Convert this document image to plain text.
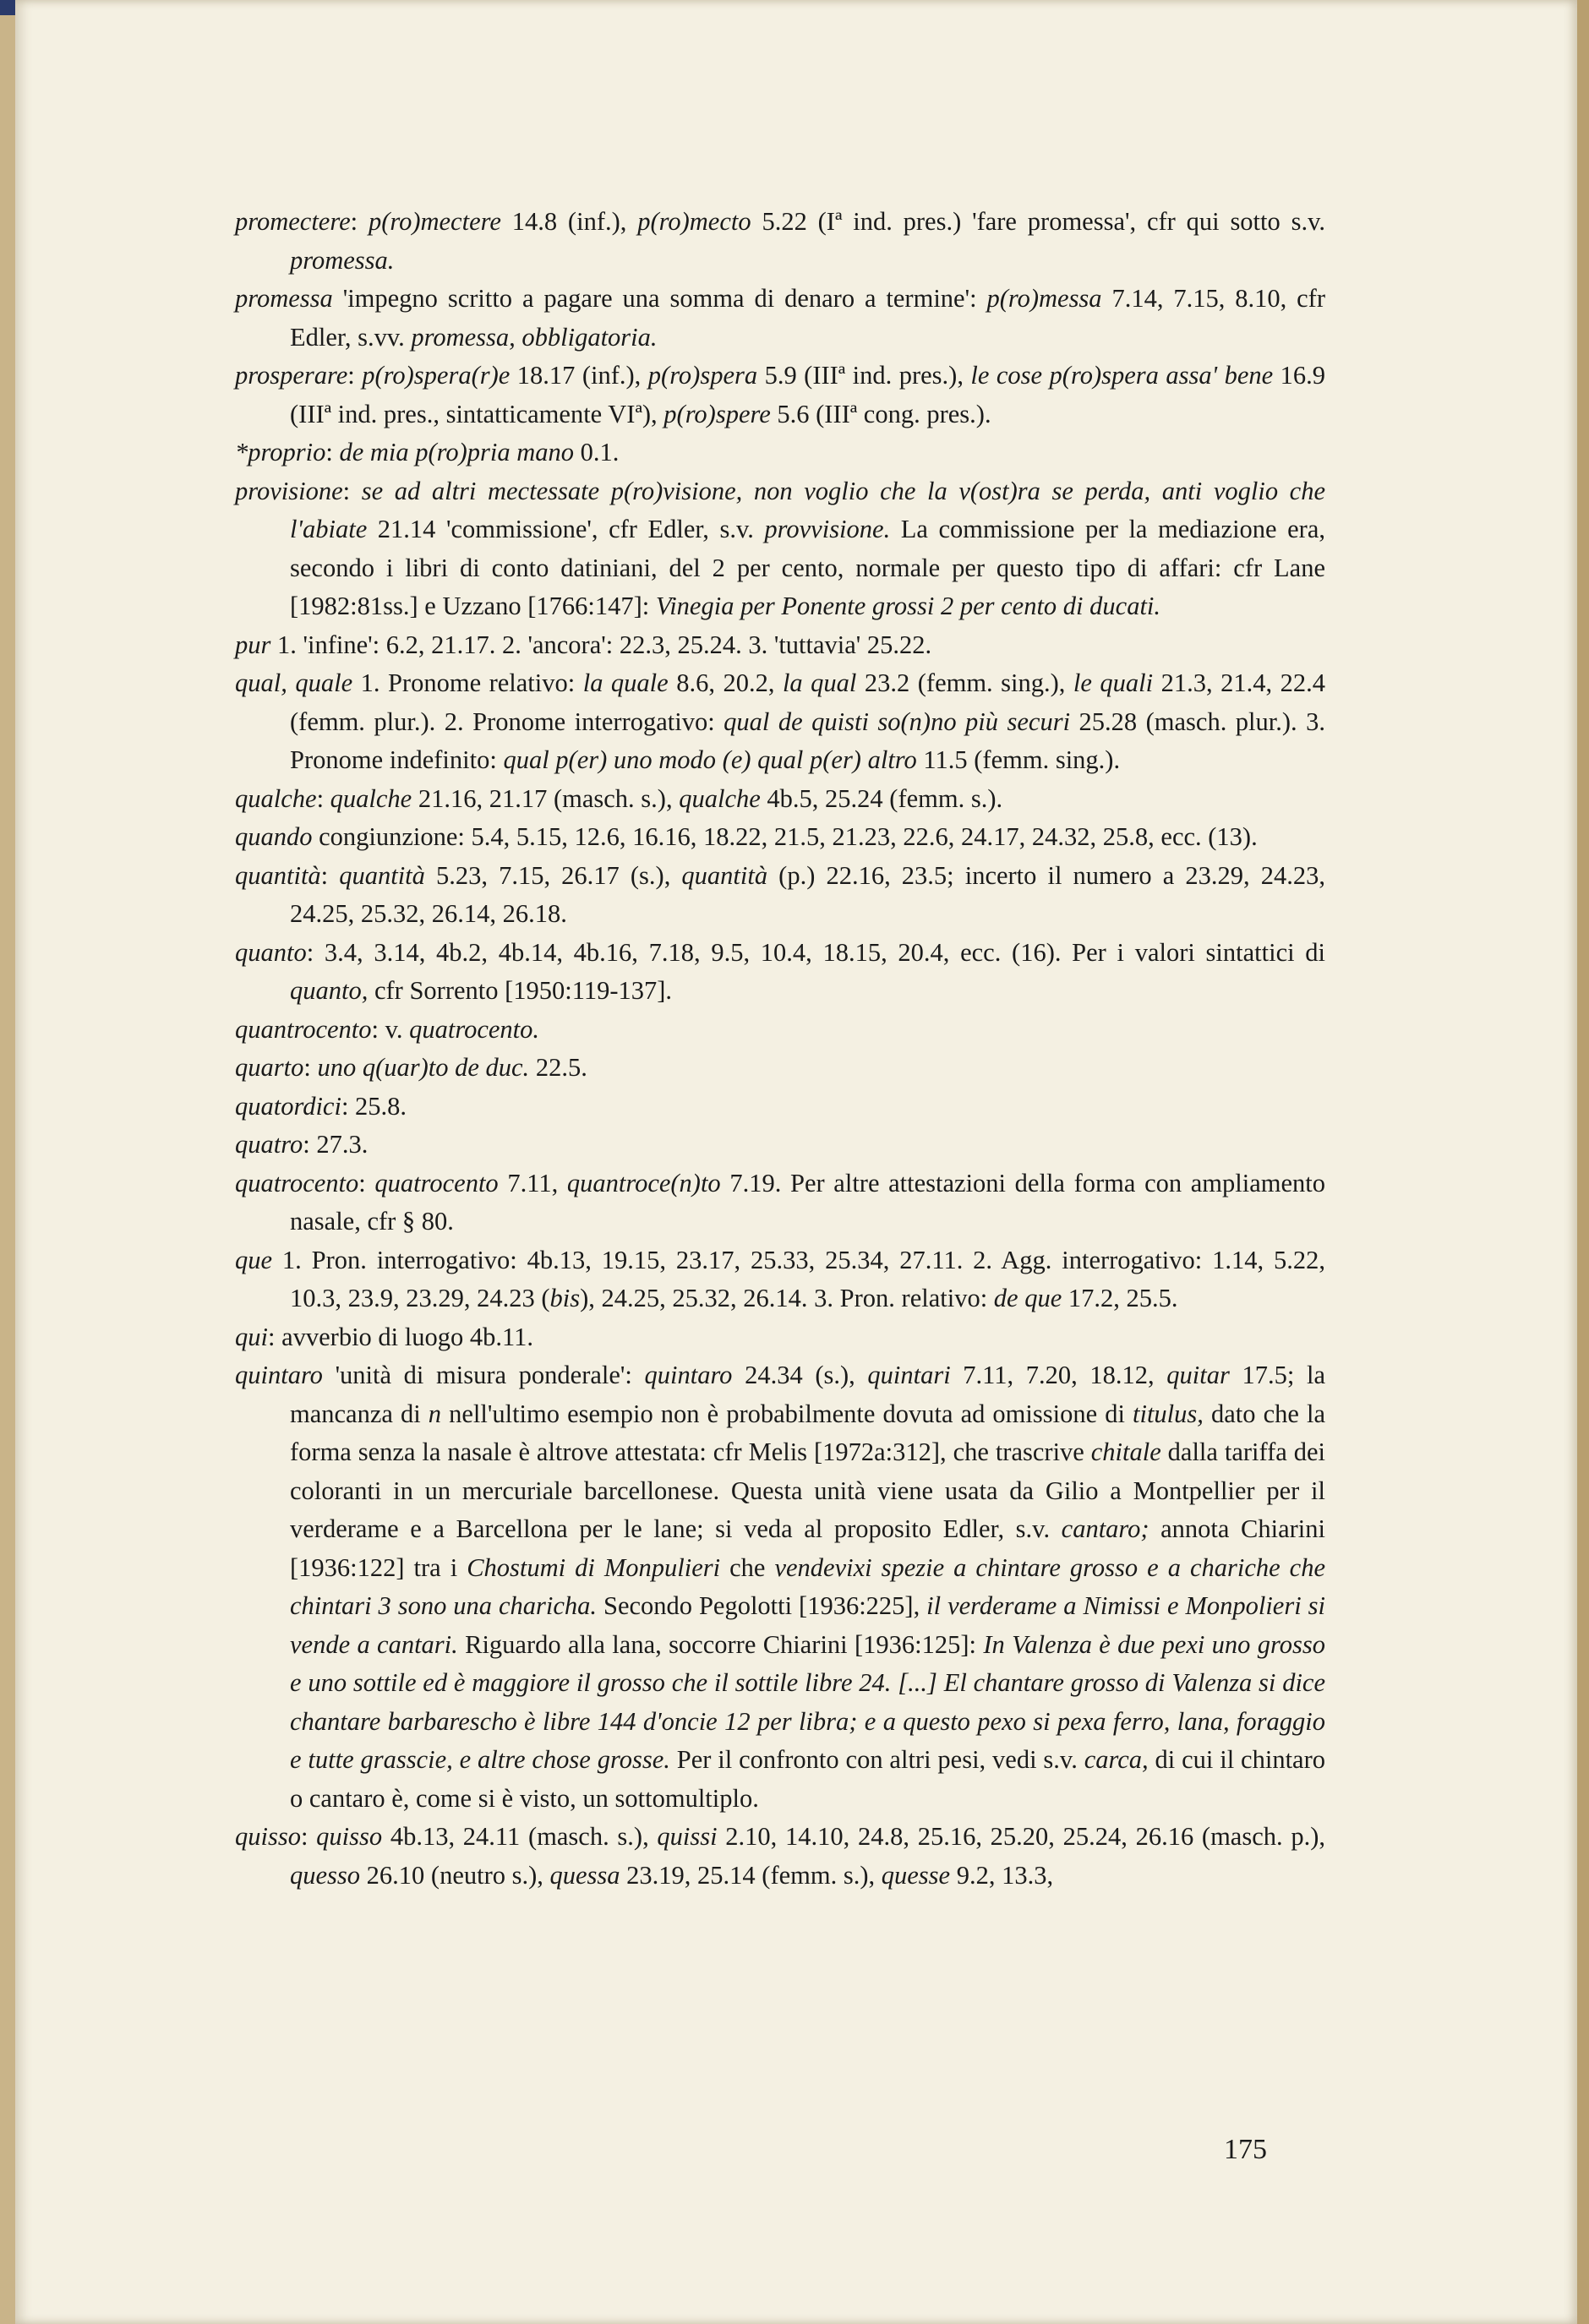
promectere: p(ro)mectere 14.8 (inf.), p(ro)mecto 5.22 (Iª ind. pres.) 'fare promessa', cfr qui sotto s.v. promessa.

promessa 'impegno scritto a pagare una somma di denaro a termine': p(ro)messa 7.14, 7.15, 8.10, cfr Edler, s.vv. promessa, obbligatoria.

prosperare: p(ro)spera(r)e 18.17 (inf.), p(ro)spera 5.9 (IIIª ind. pres.), le cose p(ro)spera assa' bene 16.9 (IIIª ind. pres., sintatticamente VIª), p(ro)spere 5.6 (IIIª cong. pres.).

*proprio: de mia p(ro)pria mano 0.1.

provisione: se ad altri mectessate p(ro)visione, non voglio che la v(ost)ra se perda, anti voglio che l'abiate 21.14 'commissione', cfr Edler, s.v. provvisione. La commissione per la mediazione era, secondo i libri di conto datiniani, del 2 per cento, normale per questo tipo di affari: cfr Lane [1982:81ss.] e Uzzano [1766:147]: Vinegia per Ponente grossi 2 per cento di ducati.

pur 1. 'infine': 6.2, 21.17. 2. 'ancora': 22.3, 25.24. 3. 'tuttavia' 25.22.

qual, quale 1. Pronome relativo: la quale 8.6, 20.2, la qual 23.2 (femm. sing.), le quali 21.3, 21.4, 22.4 (femm. plur.). 2. Pronome interrogativo: qual de quisti so(n)no più securi 25.28 (masch. plur.). 3. Pronome indefinito: qual p(er) uno modo (e) qual p(er) altro 11.5 (femm. sing.).

qualche: qualche 21.16, 21.17 (masch. s.), qualche 4b.5, 25.24 (femm. s.).

quando congiunzione: 5.4, 5.15, 12.6, 16.16, 18.22, 21.5, 21.23, 22.6, 24.17, 24.32, 25.8, ecc. (13).

quantità: quantità 5.23, 7.15, 26.17 (s.), quantità (p.) 22.16, 23.5; incerto il numero a 23.29, 24.23, 24.25, 25.32, 26.14, 26.18.

quanto: 3.4, 3.14, 4b.2, 4b.14, 4b.16, 7.18, 9.5, 10.4, 18.15, 20.4, ecc. (16). Per i valori sintattici di quanto, cfr Sorrento [1950:119-137].

quantrocento: v. quatrocento.

quarto: uno q(uar)to de duc. 22.5.

quatordici: 25.8.

quatro: 27.3.

quatrocento: quatrocento 7.11, quantroce(n)to 7.19. Per altre attestazioni della forma con ampliamento nasale, cfr § 80.

que 1. Pron. interrogativo: 4b.13, 19.15, 23.17, 25.33, 25.34, 27.11. 2. Agg. interrogativo: 1.14, 5.22, 10.3, 23.9, 23.29, 24.23 (bis), 24.25, 25.32, 26.14. 3. Pron. relativo: de que 17.2, 25.5.

qui: avverbio di luogo 4b.11.

quintaro 'unità di misura ponderale': quintaro 24.34 (s.), quintari 7.11, 7.20, 18.12, quitar 17.5; la mancanza di n nell'ultimo esempio non è probabilmente dovuta ad omissione di titulus, dato che la forma senza la nasale è altrove attestata: cfr Melis [1972a:312], che trascrive chitale dalla tariffa dei coloranti in un mercuriale barcellonese. Questa unità viene usata da Gilio a Montpellier per il verderame e a Barcellona per le lane; si veda al proposito Edler, s.v. cantaro; annota Chiarini [1936:122] tra i Chostumi di Monpulieri che vendevixi spezie a chintare grosso e a chariche che chintari 3 sono una charicha. Secondo Pegolotti [1936:225], il verderame a Nimissi e Monpolieri si vende a cantari. Riguardo alla lana, soccorre Chiarini [1936:125]: In Valenza è due pexi uno grosso e uno sottile ed è maggiore il grosso che il sottile libre 24. [...] El chantare grosso di Valenza si dice chantare barbarescho è libre 144 d'oncie 12 per libra; e a questo pexo si pexa ferro, lana, foraggio e tutte grasscie, e altre chose grosse. Per il confronto con altri pesi, vedi s.v. carca, di cui il chintaro o cantaro è, come si è visto, un sottomultiplo.

quisso: quisso 4b.13, 24.11 (masch. s.), quissi 2.10, 14.10, 24.8, 25.16, 25.20, 25.24, 26.16 (masch. p.), quesso 26.10 (neutro s.), quessa 23.19, 25.14 (femm. s.), quesse 9.2, 13.3,

175
